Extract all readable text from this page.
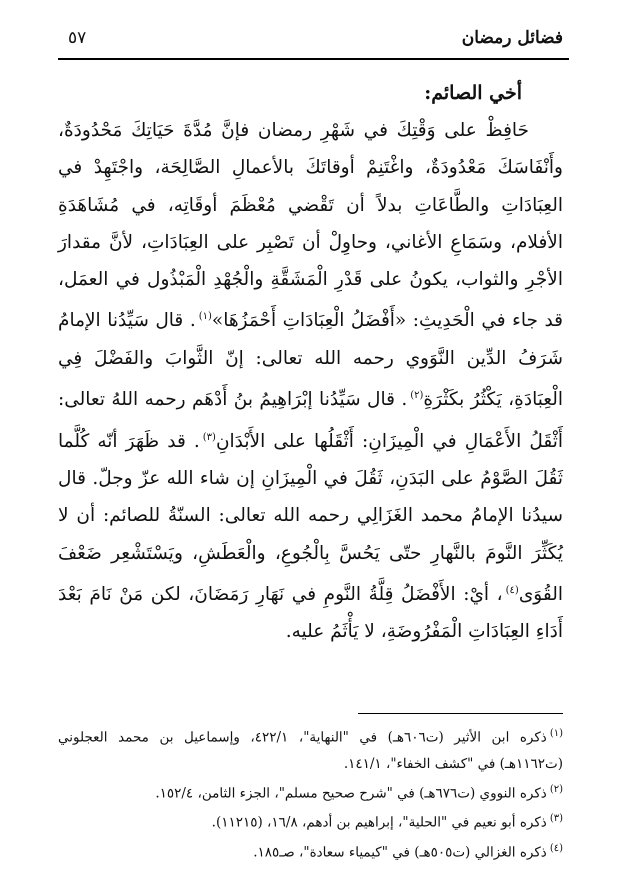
فضائل رمضان
٥٧
أخي الصائم:

حَافِظْ على وَقْتِكَ في شَهْرِ رمضان فإنَّ مُدَّةَ حَيَاتِكَ مَحْدُودَةٌ، وأَنْفَاسَكَ مَعْدُودَةٌ، واغْتَنِمْ أوقاتَكَ بالأعمالِ الصَّالِحَة، واجْتَهِدْ في العِبَادَاتِ والطَّاعَاتِ بدلاً أن تَقْضي مُعْظَمَ أوقَاتِه، في مُشَاهَدَةِ الأفلام، وسَمَاعِ الأغاني، وحاوِلْ أن تَصْبِر على العِبَادَاتِ، لأنَّ مقدارَ الأجْرِ والثواب، يكونُ على قَدْرِ الْمَشَقَّةِ والْجُهْدِ الْمَبْذُول في العمَل، قد جاء في الْحَدِيثِ: «أَفْضَلُ الْعِبَادَاتِ أَحْمَزُهَا»$^{(١)}$. قال سَيِّدُنا الإمامُ شَرَفُ الدِّين النَّوَوي رحمه الله تعالى: إنّ الثَّوابَ والفَضْلَ فِي الْعِبَادَةِ، يَكْثُرُ بكَثْرَةِ$^{(٢)}$. قال سَيِّدُنا إبْرَاهِيمُ بنُ أَدْهَم رحمه اللهُ تعالى: أَثْقَلُ الأَعْمَالِ في الْمِيزَانِ: أَثْقَلُها على الأَبْدَانِ$^{(٣)}$. قد ظَهَرَ أنّه كُلَّما ثَقُلَ الصَّوْمُ على البَدَنِ، ثَقُلَ في الْمِيزَانِ إن شاء الله عزّ وجلّ. قال سيدُنا الإمامُ محمد الغَزَالِي رحمه الله تعالى: السنّةُ للصائم: أن لا يُكَثِّرَ النَّومَ بالنَّهارِ حتّى يَحُسَّ بِالْجُوعِ، والْعَطَشِ، ويَسْتَشْعِر ضَعْفَ القُوَى$^{(٤)}$، أيْ: الأَفْضَلُ قِلَّةُ النَّومِ في نَهَارِ رَمَضَانَ، لكن مَنْ نَامَ بَعْدَ أَدَاءِ العِبَادَاتِ الْمَفْرُوضَةِ، لا يَأْثَمُ عليه.

$^{(١)}$ذكره ابن الأثير (ت٦٠٦هـ) في "النهاية"، ٤٢٢/١، وإسماعيل بن محمد العجلوني (ت١١٦٢هـ) في "كشف الخفاء"، ١٤١/١.
$^{(٢)}$ذكره النووي (ت٦٧٦هـ) في "شرح صحيح مسلم"، الجزء الثامن، ١٥٢/٤.
$^{(٣)}$ذكره أبو نعيم في "الحلية"، إبراهيم بن أدهم، ١٦/٨، (١١٢١٥).
$^{(٤)}$ذكره الغزالي (ت٥٠٥هـ) في "كيمياء سعادة"، صـ١٨٥.
